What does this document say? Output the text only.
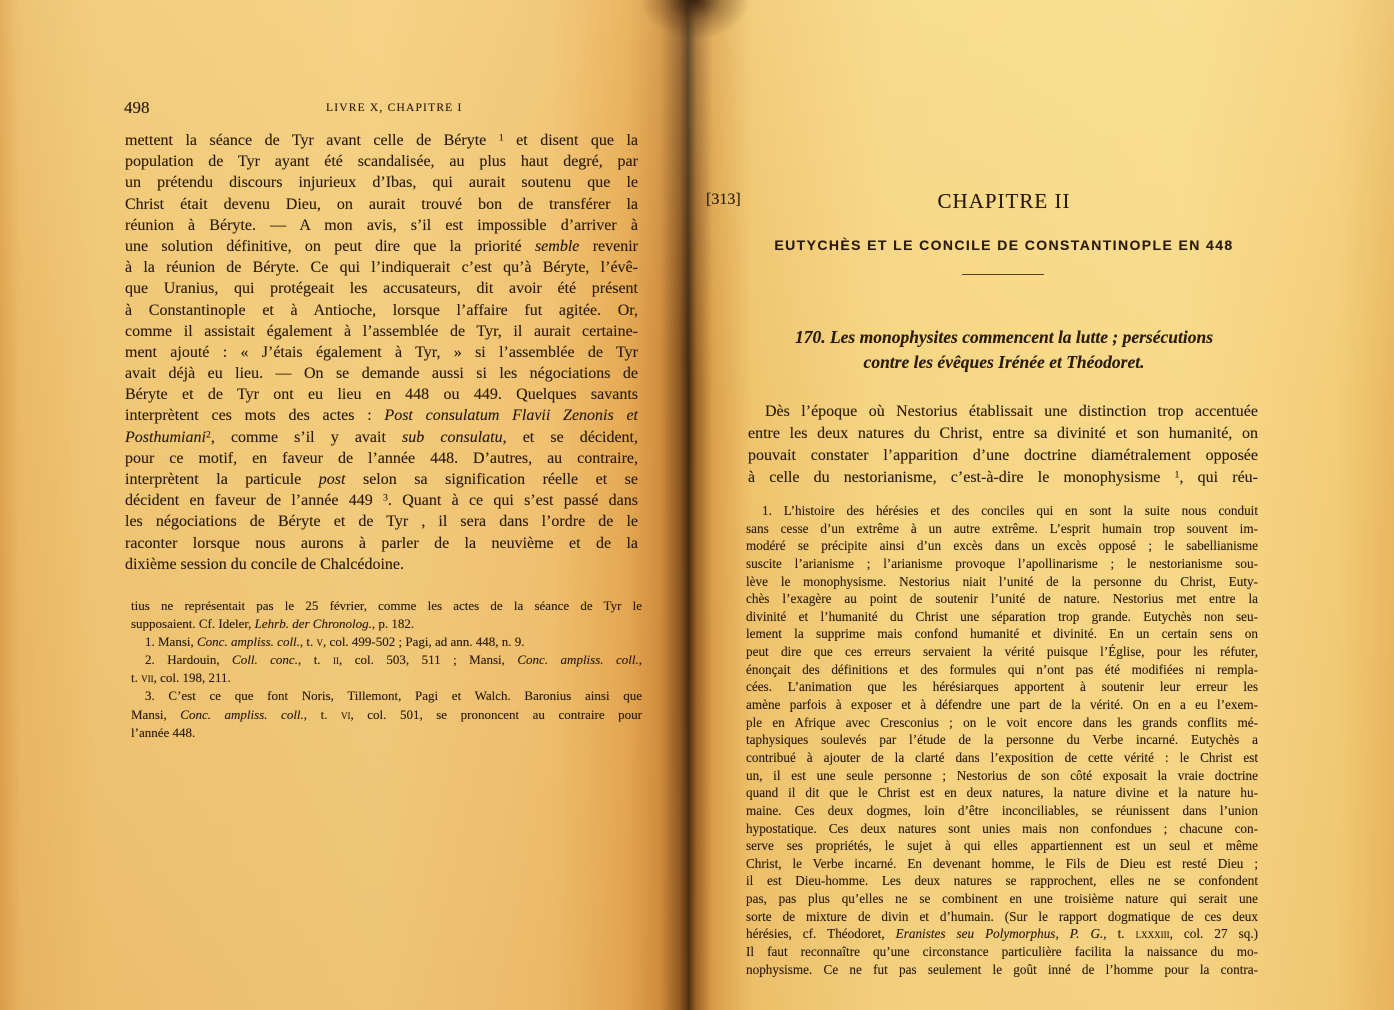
498	LIVRE X, CHAPITRE I
mettent la séance de Tyr avant celle de Béryte $^1$ et disent que la
population de Tyr ayant été scandalisée, au plus haut degré, par
un prétendu discours injurieux d’Ibas, qui aurait soutenu que le
Christ était devenu Dieu, on aurait trouvé bon de transférer la
réunion à Béryte. — A mon avis, s’il est impossible d’arriver à
une solution définitive, on peut dire que la priorité semble revenir
à la réunion de Béryte. Ce qui l’indiquerait c’est qu’à Béryte, l’évê-
que Uranius, qui protégeait les accusateurs, dit avoir été présent
à Constantinople et à Antioche, lorsque l’affaire fut agitée. Or,
comme il assistait également à l’assemblée de Tyr, il aurait certaine-
ment ajouté : « J’étais également à Tyr, » si l’assemblée de Tyr
avait déjà eu lieu. — On se demande aussi si les négociations de
Béryte et de Tyr ont eu lieu en 448 ou 449. Quelques savants
interprètent ces mots des actes : Post consulatum Flavii Zenonis et
Posthumiani$^2$, comme s’il y avait sub consulatu, et se décident,
pour ce motif, en faveur de l’année 448. D’autres, au contraire,
interprètent la particule post selon sa signification réelle et se
décident en faveur de l’année 449 $^3$. Quant à ce qui s’est passé dans
les négociations de Béryte et de Tyr , il sera dans l’ordre de le
raconter lorsque nous aurons à parler de la neuvième et de la
dixième session du concile de Chalcédoine.
tius ne représentait pas le 25 février, comme les actes de la séance de Tyr le
supposaient. Cf. Ideler, Lehrb. der Chronolog., p. 182.
1. Mansi, Conc. ampliss. coll., t. v, col. 499-502 ; Pagi, ad ann. 448, n. 9.
2. Hardouin, Coll. conc., t. ii, col. 503, 511 ; Mansi, Conc. ampliss. coll.,
t. vii, col. 198, 211.
3. C’est ce que font Noris, Tillemont, Pagi et Walch. Baronius ainsi que
Mansi, Conc. ampliss. coll., t. vi, col. 501, se prononcent au contraire pour
l’année 448.
[313]	CHAPITRE II
EUTYCHÈS ET LE CONCILE DE CONSTANTINOPLE EN 448
170. Les monophysites commencent la lutte ; persécutions
contre les évêques Irénée et Théodoret.
Dès l’époque où Nestorius établissait une distinction trop accentuée
entre les deux natures du Christ, entre sa divinité et son humanité, on
pouvait constater l’apparition d’une doctrine diamétralement opposée
à celle du nestorianisme, c’est-à-dire le monophysisme $^1$, qui réu-
1. L’histoire des hérésies et des conciles qui en sont la suite nous conduit
sans cesse d’un extrême à un autre extrême. L’esprit humain trop souvent im-
modéré se précipite ainsi d’un excès dans un excès opposé ; le sabellianisme
suscite l’arianisme ; l’arianisme provoque l’apollinarisme ; le nestorianisme sou-
lève le monophysisme. Nestorius niait l’unité de la personne du Christ, Euty-
chès l’exagère au point de soutenir l’unité de nature. Nestorius met entre la
divinité et l’humanité du Christ une séparation trop grande. Eutychès non seu-
lement la supprime mais confond humanité et divinité. En un certain sens on
peut dire que ces erreurs servaient la vérité puisque l’Église, pour les réfuter,
énonçait des définitions et des formules qui n’ont pas été modifiées ni rempla-
cées. L’animation que les hérésiarques apportent à soutenir leur erreur les
amène parfois à exposer et à défendre une part de la vérité. On en a eu l’exem-
ple en Afrique avec Cresconius ; on le voit encore dans les grands conflits mé-
taphysiques soulevés par l’étude de la personne du Verbe incarné. Eutychès a
contribué à ajouter de la clarté dans l’exposition de cette vérité : le Christ est
un, il est une seule personne ; Nestorius de son côté exposait la vraie doctrine
quand il dit que le Christ est en deux natures, la nature divine et la nature hu-
maine. Ces deux dogmes, loin d’être inconciliables, se réunissent dans l’union
hypostatique. Ces deux natures sont unies mais non confondues ; chacune con-
serve ses propriétés, le sujet à qui elles appartiennent est un seul et même
Christ, le Verbe incarné. En devenant homme, le Fils de Dieu est resté Dieu ;
il est Dieu-homme. Les deux natures se rapprochent, elles ne se confondent
pas, pas plus qu’elles ne se combinent en une troisième nature qui serait une
sorte de mixture de divin et d’humain. (Sur le rapport dogmatique de ces deux
hérésies, cf. Théodoret, Eranistes seu Polymorphus, P. G., t. lxxxiii, col. 27 sq.)
Il faut reconnaître qu’une circonstance particulière facilita la naissance du mo-
nophysisme. Ce ne fut pas seulement le goût inné de l’homme pour la contra-
